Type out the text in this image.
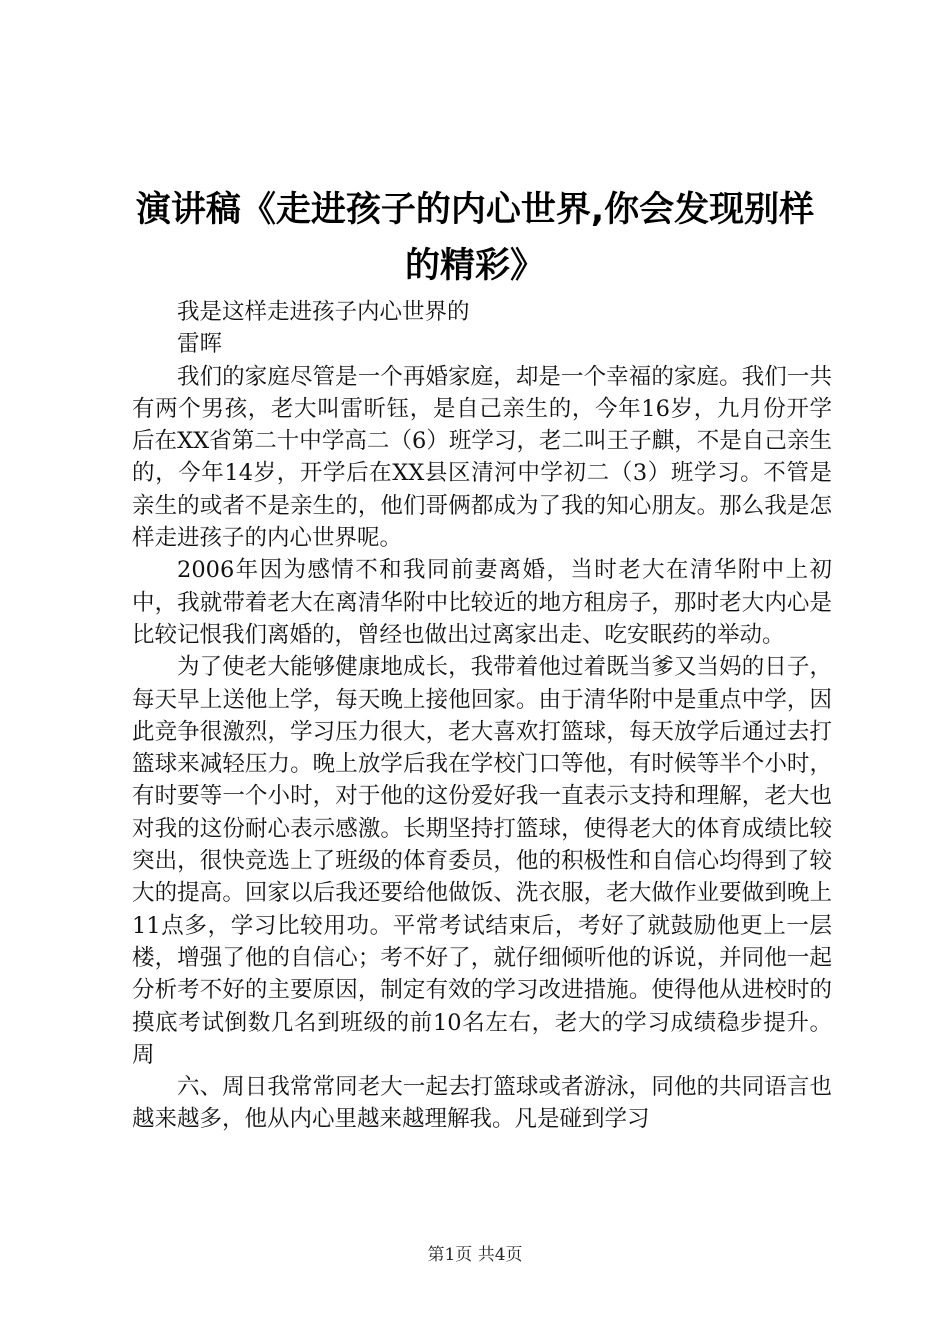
演讲稿《走进孩子的内心世界,你会发现别样的精彩》

我是这样走进孩子内心世界的

雷晖

我们的家庭尽管是一个再婚家庭，却是一个幸福的家庭。我们一共有两个男孩，老大叫雷昕钰，是自己亲生的，今年16岁，九月份开学后在XX省第二十中学高二（6）班学习，老二叫王子麒，不是自己亲生的，今年14岁，开学后在XX县区清河中学初二（3）班学习。不管是亲生的或者不是亲生的，他们哥俩都成为了我的知心朋友。那么我是怎样走进孩子的内心世界呢。

2006年因为感情不和我同前妻离婚，当时老大在清华附中上初中，我就带着老大在离清华附中比较近的地方租房子，那时老大内心是比较记恨我们离婚的，曾经也做出过离家出走、吃安眠药的举动。

为了使老大能够健康地成长，我带着他过着既当爹又当妈的日子，每天早上送他上学，每天晚上接他回家。由于清华附中是重点中学，因此竞争很激烈，学习压力很大，老大喜欢打篮球，每天放学后通过去打篮球来减轻压力。晚上放学后我在学校门口等他，有时候等半个小时，有时要等一个小时，对于他的这份爱好我一直表示支持和理解，老大也对我的这份耐心表示感激。长期坚持打篮球，使得老大的体育成绩比较突出，很快竞选上了班级的体育委员，他的积极性和自信心均得到了较大的提高。回家以后我还要给他做饭、洗衣服，老大做作业要做到晚上11点多，学习比较用功。平常考试结束后，考好了就鼓励他更上一层楼，增强了他的自信心；考不好了，就仔细倾听他的诉说，并同他一起分析考不好的主要原因，制定有效的学习改进措施。使得他从进校时的摸底考试倒数几名到班级的前10名左右，老大的学习成绩稳步提升。周

六、周日我常常同老大一起去打篮球或者游泳，同他的共同语言也越来越多，他从内心里越来越理解我。凡是碰到学习

第1页 共4页
